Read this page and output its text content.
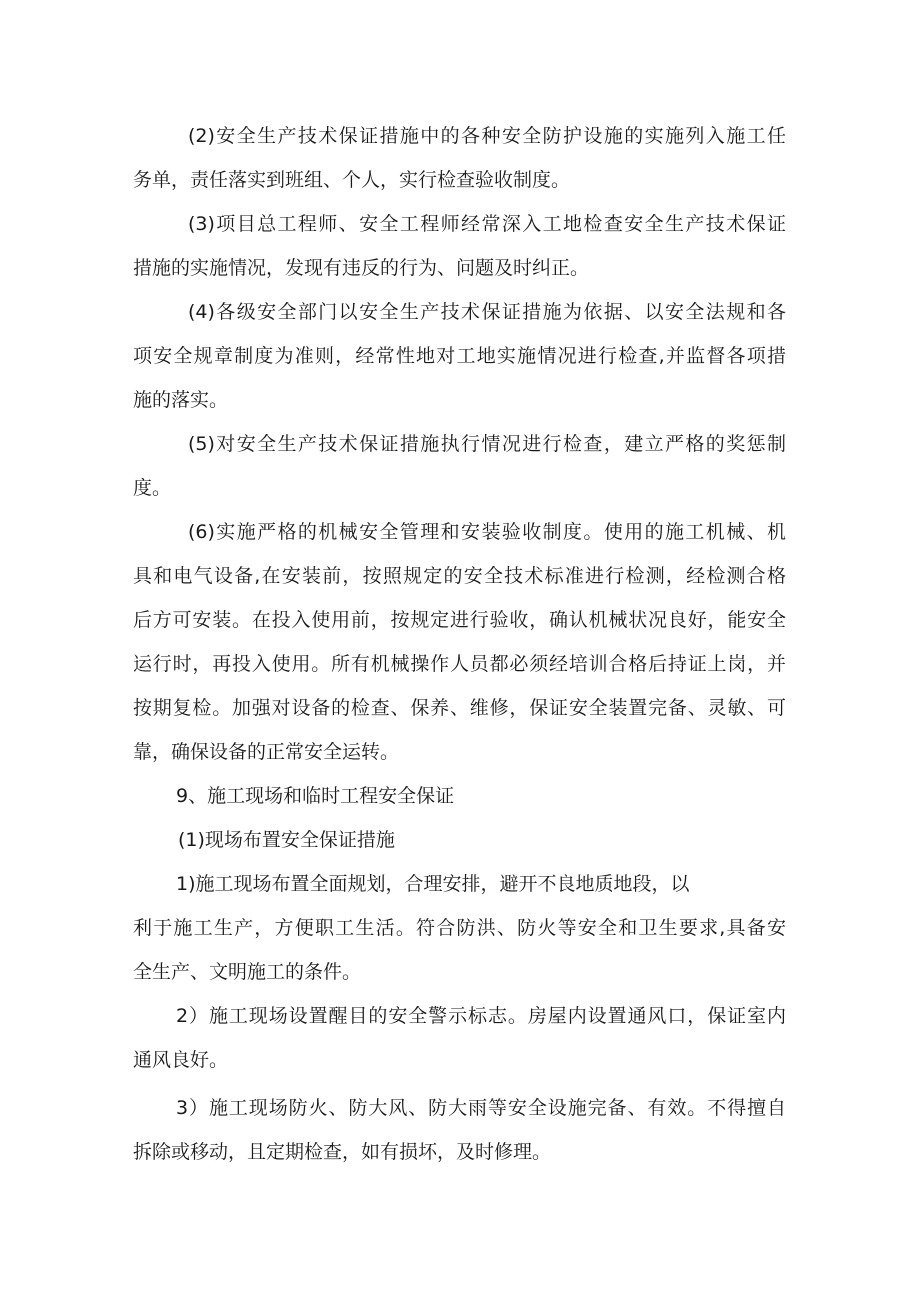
(2)安全生产技术保证措施中的各种安全防护设施的实施列入施工任

务单，责任落实到班组、个人，实行检查验收制度。

(3)项目总工程师、安全工程师经常深入工地检查安全生产技术保证

措施的实施情况，发现有违反的行为、问题及时纠正。

(4)各级安全部门以安全生产技术保证措施为依据、以安全法规和各

项安全规章制度为准则，经常性地对工地实施情况进行检查,并监督各项措

施的落实。

(5)对安全生产技术保证措施执行情况进行检查，建立严格的奖惩制

度。

(6)实施严格的机械安全管理和安装验收制度。使用的施工机械、机

具和电气设备,在安装前，按照规定的安全技术标准进行检测，经检测合格

后方可安装。在投入使用前，按规定进行验收，确认机械状况良好，能安全

运行时，再投入使用。所有机械操作人员都必须经培训合格后持证上岗，并

按期复检。加强对设备的检查、保养、维修，保证安全装置完备、灵敏、可

靠，确保设备的正常安全运转。

9、施工现场和临时工程安全保证

(1)现场布置安全保证措施

1)施工现场布置全面规划，合理安排，避开不良地质地段，以

利于施工生产，方便职工生活。符合防洪、防火等安全和卫生要求,具备安

全生产、文明施工的条件。

2）施工现场设置醒目的安全警示标志。房屋内设置通风口，保证室内

通风良好。

3）施工现场防火、防大风、防大雨等安全设施完备、有效。不得擅自

拆除或移动，且定期检查，如有损坏，及时修理。
